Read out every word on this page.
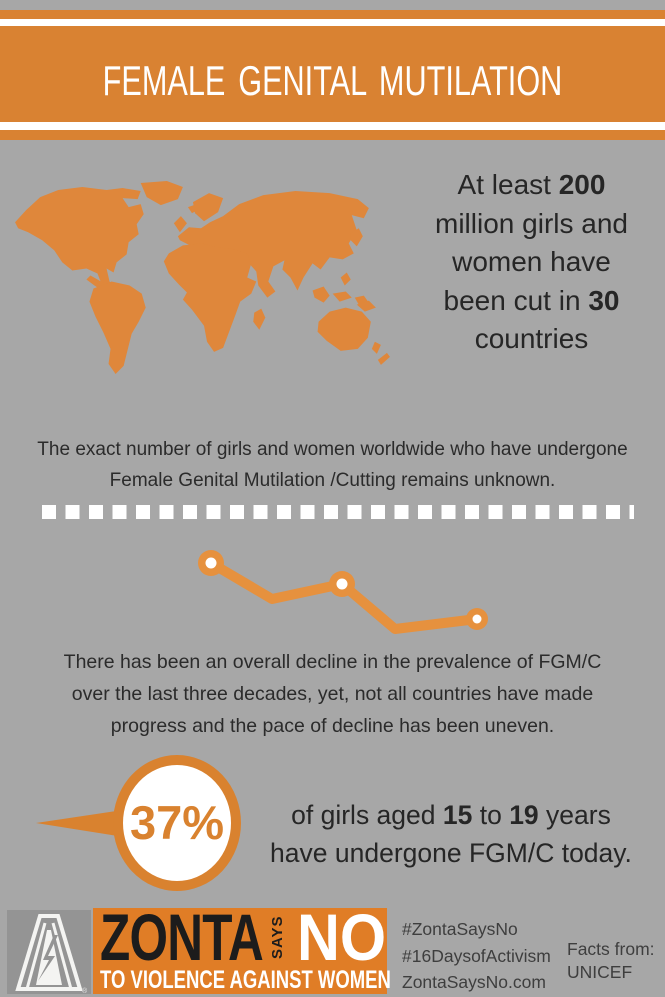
FEMALE GENITAL MUTILATION
At least 200
million girls and
women have
been cut in 30
countries

The exact number of girls and women worldwide who have undergone
Female Genital Mutilation /Cutting remains unknown.

There has been an overall decline in the prevalence of FGM/C
over the last three decades, yet, not all countries have made
progress and the pace of decline has been uneven.

37%	of girls aged 15 to 19 years
have undergone FGM/C today.
®
ZONTA SAYS NO
TO VIOLENCE AGAINST WOMEN
#ZontaSaysNo
#16DaysofActivism
ZontaSaysNo.com
Facts from:
UNICEF
